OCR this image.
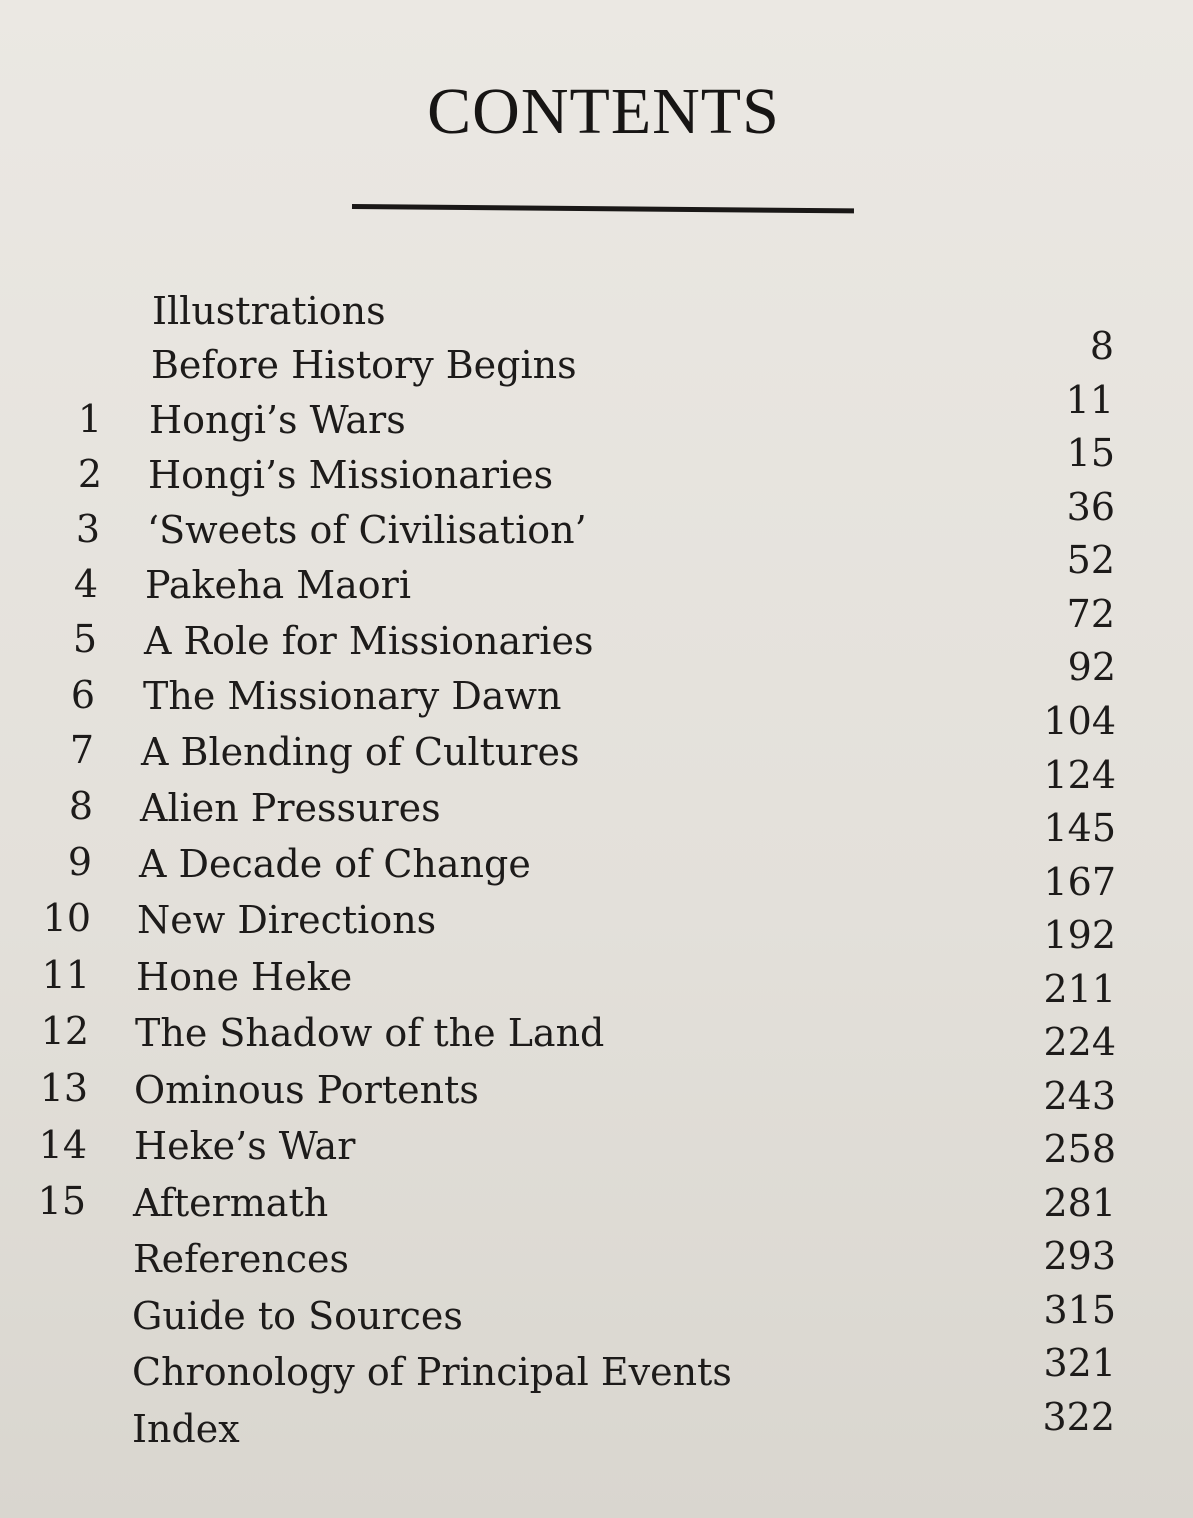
CONTENTS
1
2
3
4
5
6
7
8
9
10
11
12
13
14
15
Illustrations
Before History Begins
Hongi’s Wars
Hongi’s Missionaries
‘Sweets of Civilisation’
Pakeha Maori
A Role for Missionaries
The Missionary Dawn
A Blending of Cultures
Alien Pressures
A Decade of Change
New Directions
Hone Heke
The Shadow of the Land
Ominous Portents
Heke’s War
Aftermath
References
Guide to Sources
Chronology of Principal Events
Index
8
11
15
36
52
72
92
104
124
145
167
192
211
224
243
258
281
293
315
321
322
